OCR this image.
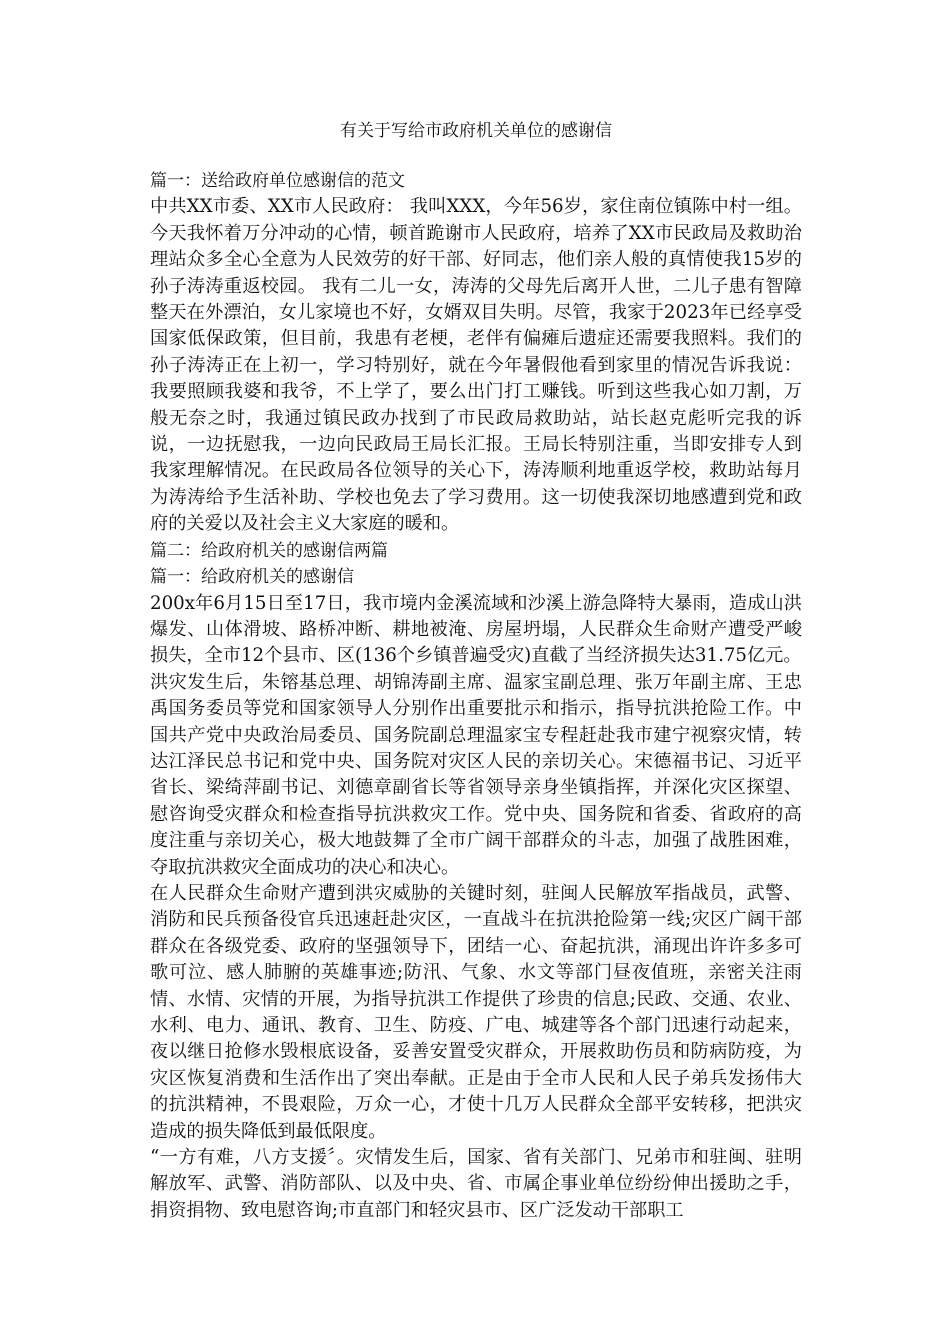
有关于写给市政府机关单位的感谢信

篇一：送给政府单位感谢信的范文

中共XX市委、XX市人民政府： 我叫XXX，今年56岁，家住南位镇陈中村一组。今天我怀着万分冲动的心情，顿首跪谢市人民政府，培养了XX市民政局及救助治理站众多全心全意为人民效劳的好干部、好同志，他们亲人般的真情使我15岁的孙子涛涛重返校园。 我有二儿一女，涛涛的父母先后离开人世，二儿子患有智障整天在外漂泊，女儿家境也不好，女婿双目失明。尽管，我家于2023年已经享受国家低保政策，但目前，我患有老梗，老伴有偏瘫后遗症还需要我照料。我们的孙子涛涛正在上初一，学习特别好，就在今年暑假他看到家里的情况告诉我说：我要照顾我婆和我爷，不上学了，要么出门打工赚钱。听到这些我心如刀割，万般无奈之时，我通过镇民政办找到了市民政局救助站，站长赵克彪听完我的诉说，一边抚慰我，一边向民政局王局长汇报。王局长特别注重，当即安排专人到我家理解情况。在民政局各位领导的关心下，涛涛顺利地重返学校，救助站每月为涛涛给予生活补助、学校也免去了学习费用。这一切使我深切地感遭到党和政府的关爱以及社会主义大家庭的暖和。

篇二：给政府机关的感谢信两篇

篇一：给政府机关的感谢信

200x年6月15日至17日，我市境内金溪流域和沙溪上游急降特大暴雨，造成山洪爆发、山体滑坡、路桥冲断、耕地被淹、房屋坍塌，人民群众生命财产遭受严峻损失，全市12个县市、区(136个乡镇普遍受灾)直截了当经济损失达31.75亿元。

洪灾发生后，朱镕基总理、胡锦涛副主席、温家宝副总理、张万年副主席、王忠禹国务委员等党和国家领导人分别作出重要批示和指示，指导抗洪抢险工作。中国共产党中央政治局委员、国务院副总理温家宝专程赶赴我市建宁视察灾情，转达江泽民总书记和党中央、国务院对灾区人民的亲切关心。宋德福书记、习近平省长、梁绮萍副书记、刘德章副省长等省领导亲身坐镇指挥，并深化灾区探望、慰咨询受灾群众和检查指导抗洪救灾工作。党中央、国务院和省委、省政府的高度注重与亲切关心，极大地鼓舞了全市广阔干部群众的斗志，加强了战胜困难，夺取抗洪救灾全面成功的决心和决心。

在人民群众生命财产遭到洪灾威胁的关键时刻，驻闽人民解放军指战员，武警、消防和民兵预备役官兵迅速赶赴灾区，一直战斗在抗洪抢险第一线;灾区广阔干部群众在各级党委、政府的坚强领导下，团结一心、奋起抗洪，涌现出许许多多可歌可泣、感人肺腑的英雄事迹;防汛、气象、水文等部门昼夜值班，亲密关注雨情、水情、灾情的开展，为指导抗洪工作提供了珍贵的信息;民政、交通、农业、水利、电力、通讯、教育、卫生、防疫、广电、城建等各个部门迅速行动起来，夜以继日抢修水毁根底设备，妥善安置受灾群众，开展救助伤员和防病防疫，为灾区恢复消费和生活作出了突出奉献。正是由于全市人民和人民子弟兵发扬伟大的抗洪精神，不畏艰险，万众一心，才使十几万人民群众全部平安转移，把洪灾造成的损失降低到最低限度。

“一方有难，八方支援〞。灾情发生后，国家、省有关部门、兄弟市和驻闽、驻明解放军、武警、消防部队、以及中央、省、市属企事业单位纷纷伸出援助之手，捐资捐物、致电慰咨询;市直部门和轻灾县市、区广泛发动干部职工
